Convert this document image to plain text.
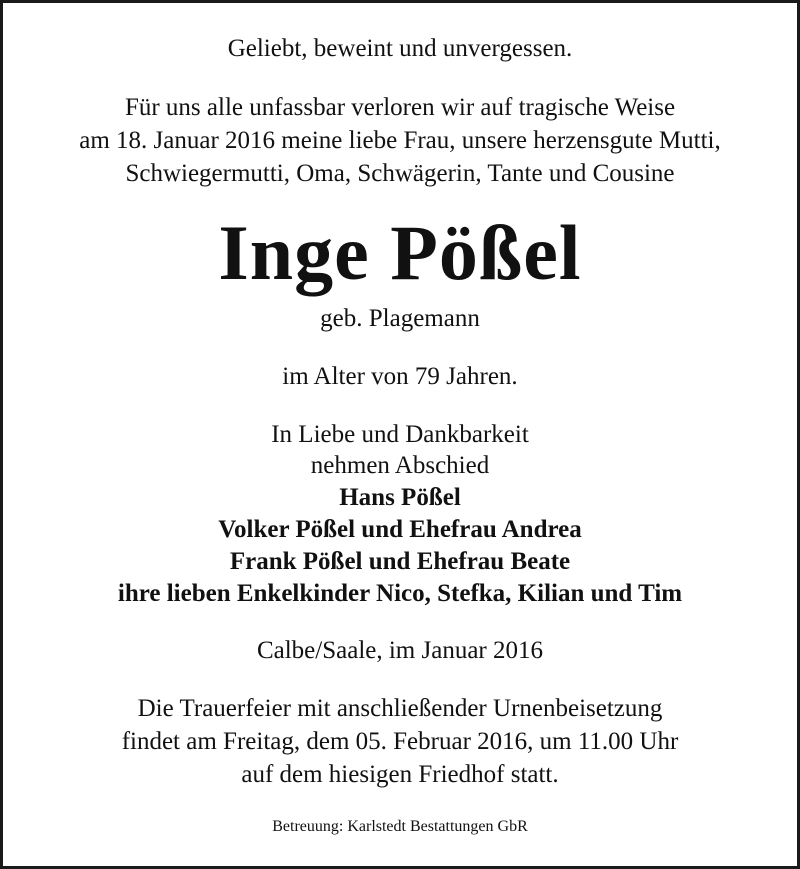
Geliebt, beweint und unvergessen.
Für uns alle unfassbar verloren wir auf tragische Weise
am 18. Januar 2016 meine liebe Frau, unsere herzensgute Mutti,
Schwiegermutti, Oma, Schwägerin, Tante und Cousine
Inge Pößel
geb. Plagemann
im Alter von 79 Jahren.
In Liebe und Dankbarkeit
nehmen Abschied
Hans Pößel
Volker Pößel und Ehefrau Andrea
Frank Pößel und Ehefrau Beate
ihre lieben Enkelkinder Nico, Stefka, Kilian und Tim
Calbe/Saale, im Januar 2016
Die Trauerfeier mit anschließender Urnenbeisetzung
findet am Freitag, dem 05. Februar 2016, um 11.00 Uhr
auf dem hiesigen Friedhof statt.
Betreuung: Karlstedt Bestattungen GbR
